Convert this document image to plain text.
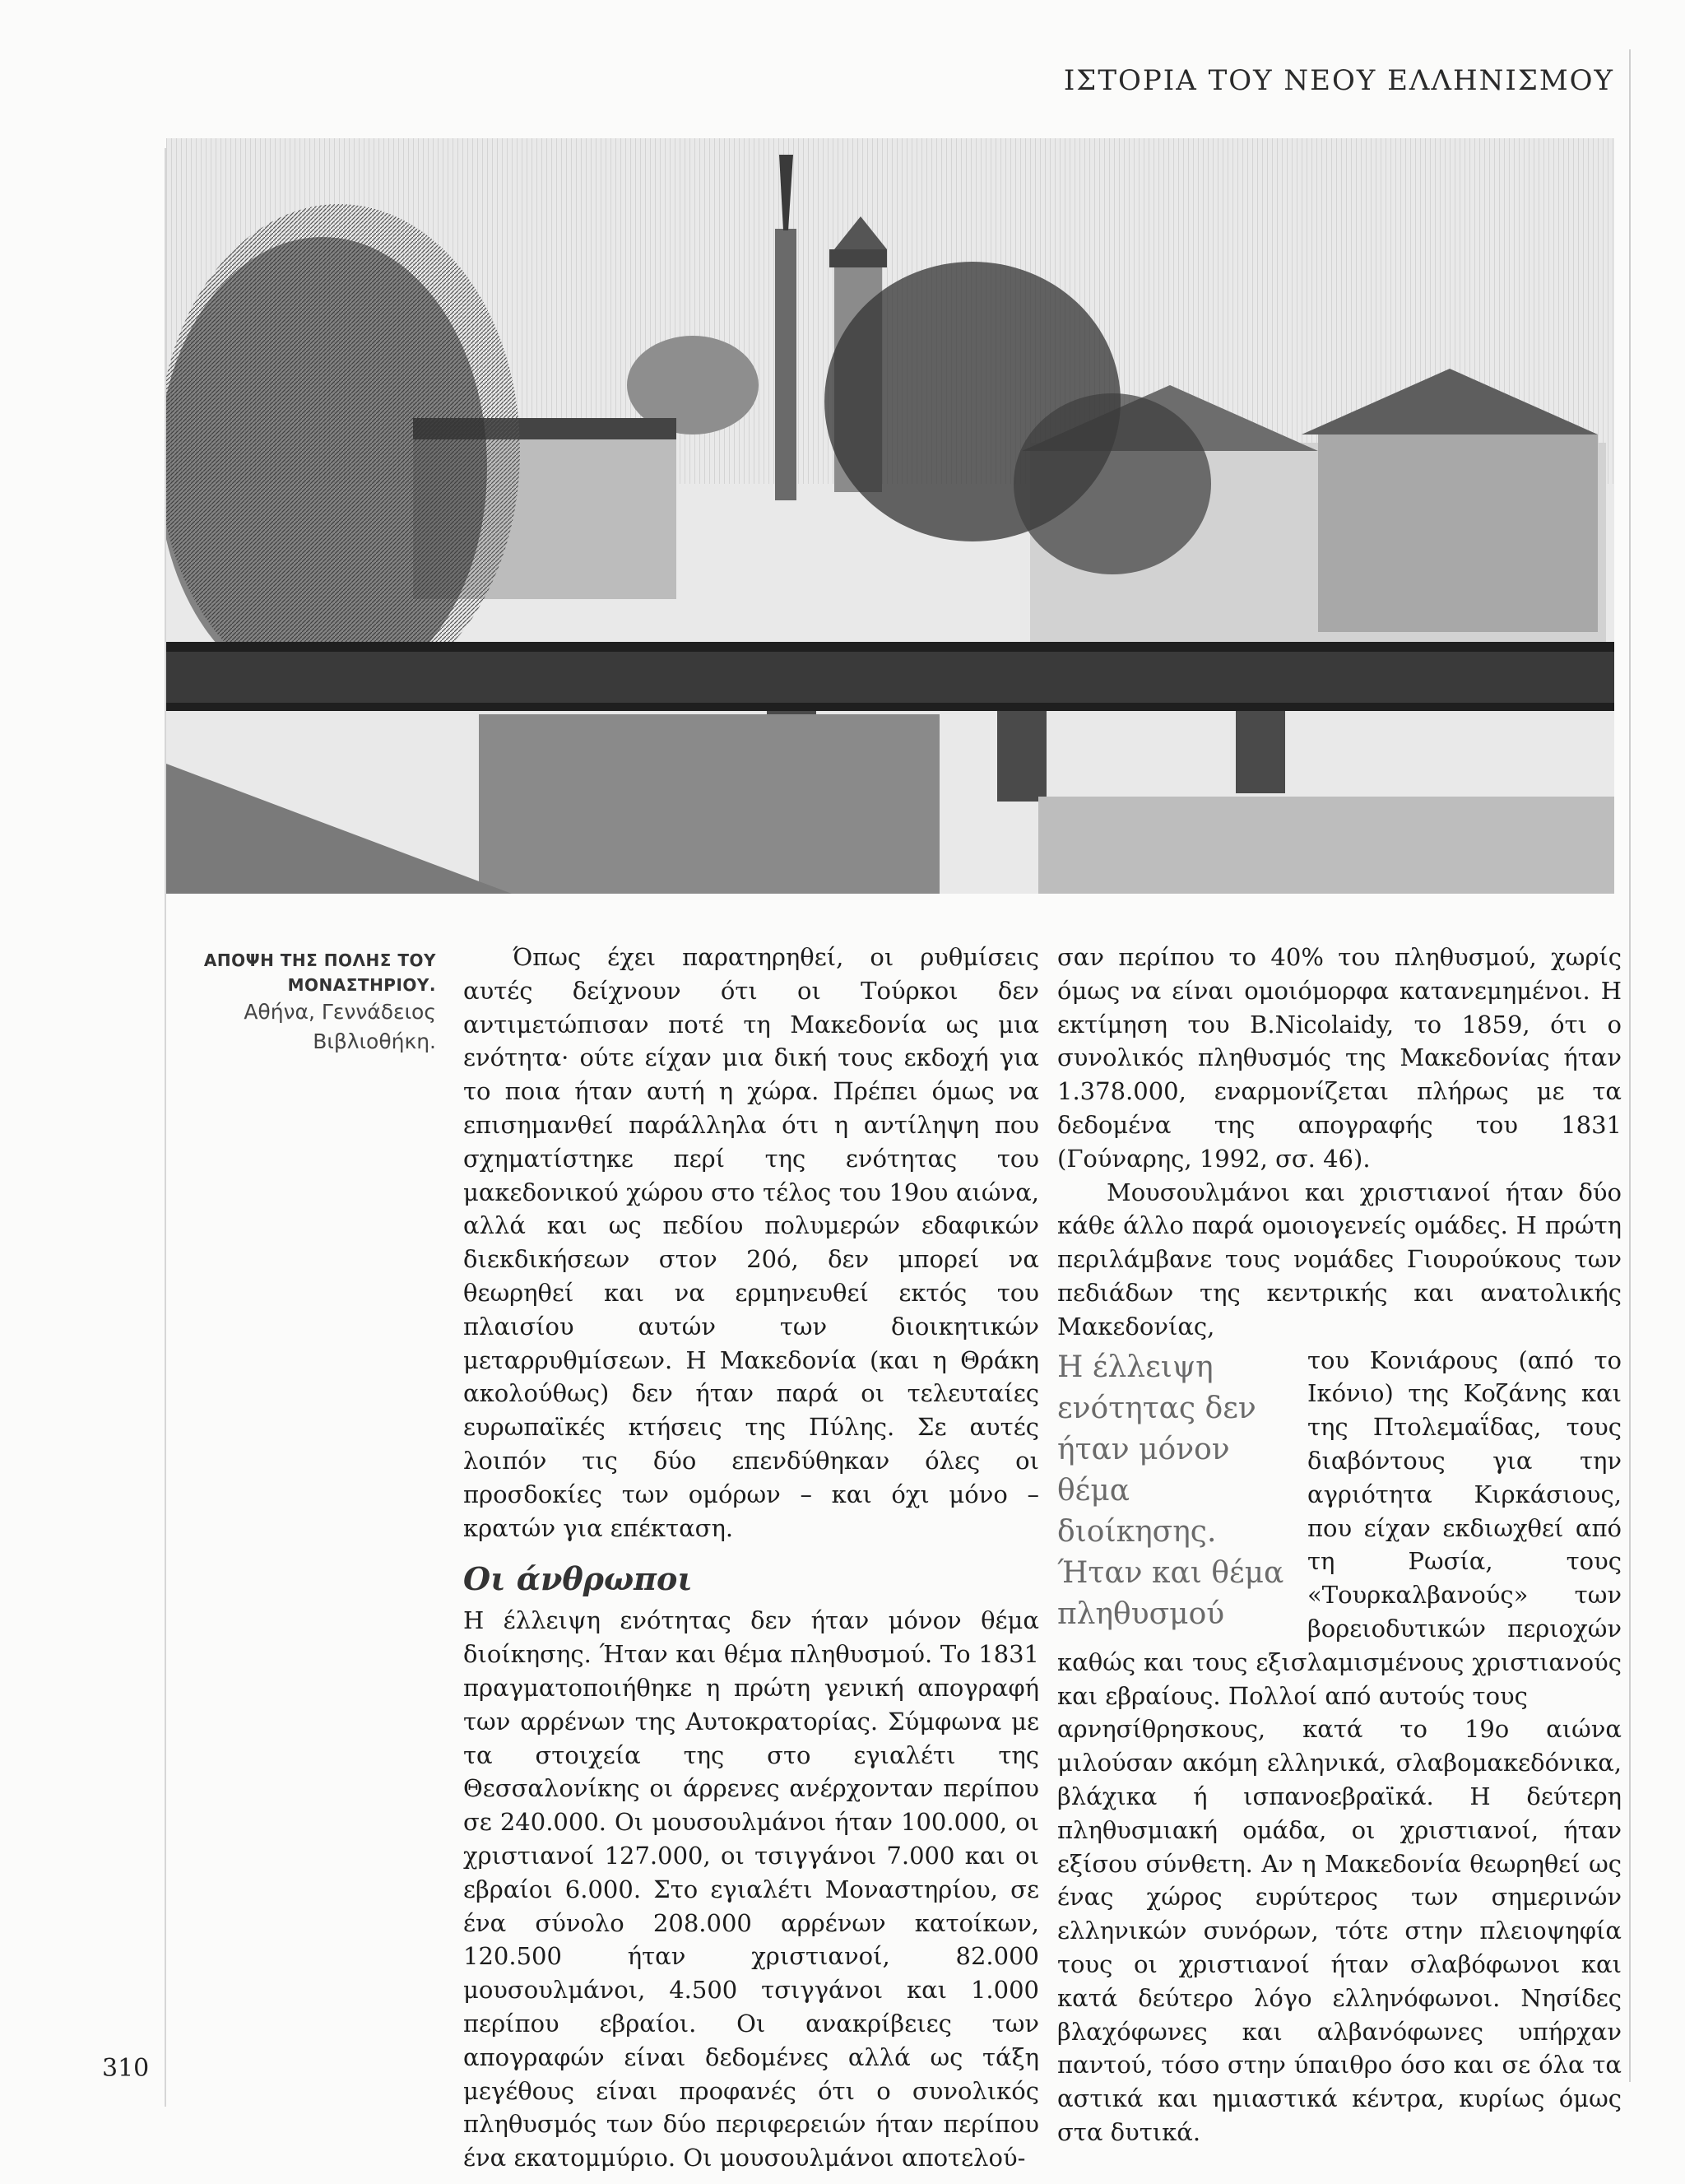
ΙΣΤΟΡΙΑ ΤΟΥ ΝΕΟΥ ΕΛΛΗΝΙΣΜΟΥ
ΑΠΟΨΗ ΤΗΣ ΠΟΛΗΣ ΤΟΥ
ΜΟΝΑΣΤΗΡΙΟΥ.
Αθήνα, Γεννάδειος
Βιβλιοθήκη.

Όπως έχει παρατηρηθεί, οι ρυθμίσεις αυτές δείχνουν ότι οι Τούρκοι δεν αντιμετώπισαν ποτέ τη Μακεδονία ως μια ενότητα· ούτε είχαν μια δική τους εκδοχή για το ποια ήταν αυτή η χώρα. Πρέπει όμως να επισημανθεί παράλληλα ότι η αντίληψη που σχηματίστηκε περί της ενότητας του μακεδονικού χώρου στο τέλος του 19ου αιώνα, αλλά και ως πεδίου πολυμερών εδαφικών διεκδικήσεων στον 20ό, δεν μπορεί να θεωρηθεί και να ερμηνευθεί εκτός του πλαισίου αυτών των διοικητικών μεταρρυθμίσεων. Η Μακεδονία (και η Θράκη ακολούθως) δεν ήταν παρά οι τελευταίες ευρωπαϊκές κτήσεις της Πύλης. Σε αυτές λοιπόν τις δύο επενδύθηκαν όλες οι προσδοκίες των ομόρων – και όχι μόνο – κρατών για επέκταση.

Οι άνθρωποι

Η έλλειψη ενότητας δεν ήταν μόνον θέμα διοίκησης. Ήταν και θέμα πληθυσμού. Το 1831 πραγματοποιήθηκε η πρώτη γενική απογραφή των αρρένων της Αυτοκρατορίας. Σύμφωνα με τα στοιχεία της στο εγιαλέτι της Θεσσαλονίκης οι άρρενες ανέρχονταν περίπου σε 240.000. Οι μουσουλμάνοι ήταν 100.000, οι χριστιανοί 127.000, οι τσιγγάνοι 7.000 και οι εβραίοι 6.000. Στο εγιαλέτι Μοναστηρίου, σε ένα σύνολο 208.000 αρρένων κατοίκων, 120.500 ήταν χριστιανοί, 82.000 μουσουλμάνοι, 4.500 τσιγγάνοι και 1.000 περίπου εβραίοι. Οι ανακρίβειες των απογραφών είναι δεδομένες αλλά ως τάξη μεγέθους είναι προφανές ότι ο συνολικός πληθυσμός των δύο περιφερειών ήταν περίπου ένα εκατομμύριο. Οι μουσουλμάνοι αποτελού-

σαν περίπου το 40% του πληθυσμού, χωρίς όμως να είναι ομοιόμορφα κατανεμημένοι. Η εκτίμηση του B.Nicolaidy, το 1859, ότι ο συνολικός πληθυσμός της Μακεδονίας ήταν 1.378.000, εναρμονίζεται πλήρως με τα δεδομένα της απογραφής του 1831 (Γούναρης, 1992, σσ. 46).

Μουσουλμάνοι και χριστιανοί ήταν δύο κάθε άλλο παρά ομοιογενείς ομάδες. Η πρώτη περιλάμβανε τους νομάδες Γιουρούκους των πεδιάδων της κεντρικής και ανατολικής Μακεδονίας,

Η έλλειψη ενότητας δεν ήταν μόνον θέμα διοίκησης. Ήταν και θέμα πληθυσμού

του Κονιάρους (από το Ικόνιο) της Κοζάνης και της Πτολεμαΐδας, τους διαβόντους για την αγριότητα Κιρκάσιους, που είχαν εκδιωχθεί από τη Ρωσία, τους «Τουρκαλβανούς» των βορειοδυτικών περιοχών καθώς και τους εξισλαμισμένους χριστιανούς και εβραίους. Πολλοί από αυτούς τους

αρνησίθρησκους, κατά το 19ο αιώνα μιλούσαν ακόμη ελληνικά, σλαβομακεδόνικα, βλάχικα ή ισπανοεβραϊκά. Η δεύτερη πληθυσμιακή ομάδα, οι χριστιανοί, ήταν εξίσου σύνθετη. Αν η Μακεδονία θεωρηθεί ως ένας χώρος ευρύτερος των σημερινών ελληνικών συνόρων, τότε στην πλειοψηφία τους οι χριστιανοί ήταν σλαβόφωνοι και κατά δεύτερο λόγο ελληνόφωνοι. Νησίδες βλαχόφωνες και αλβανόφωνες υπήρχαν παντού, τόσο στην ύπαιθρο όσο και σε όλα τα αστικά και ημιαστικά κέντρα, κυρίως όμως στα δυτικά.

310
